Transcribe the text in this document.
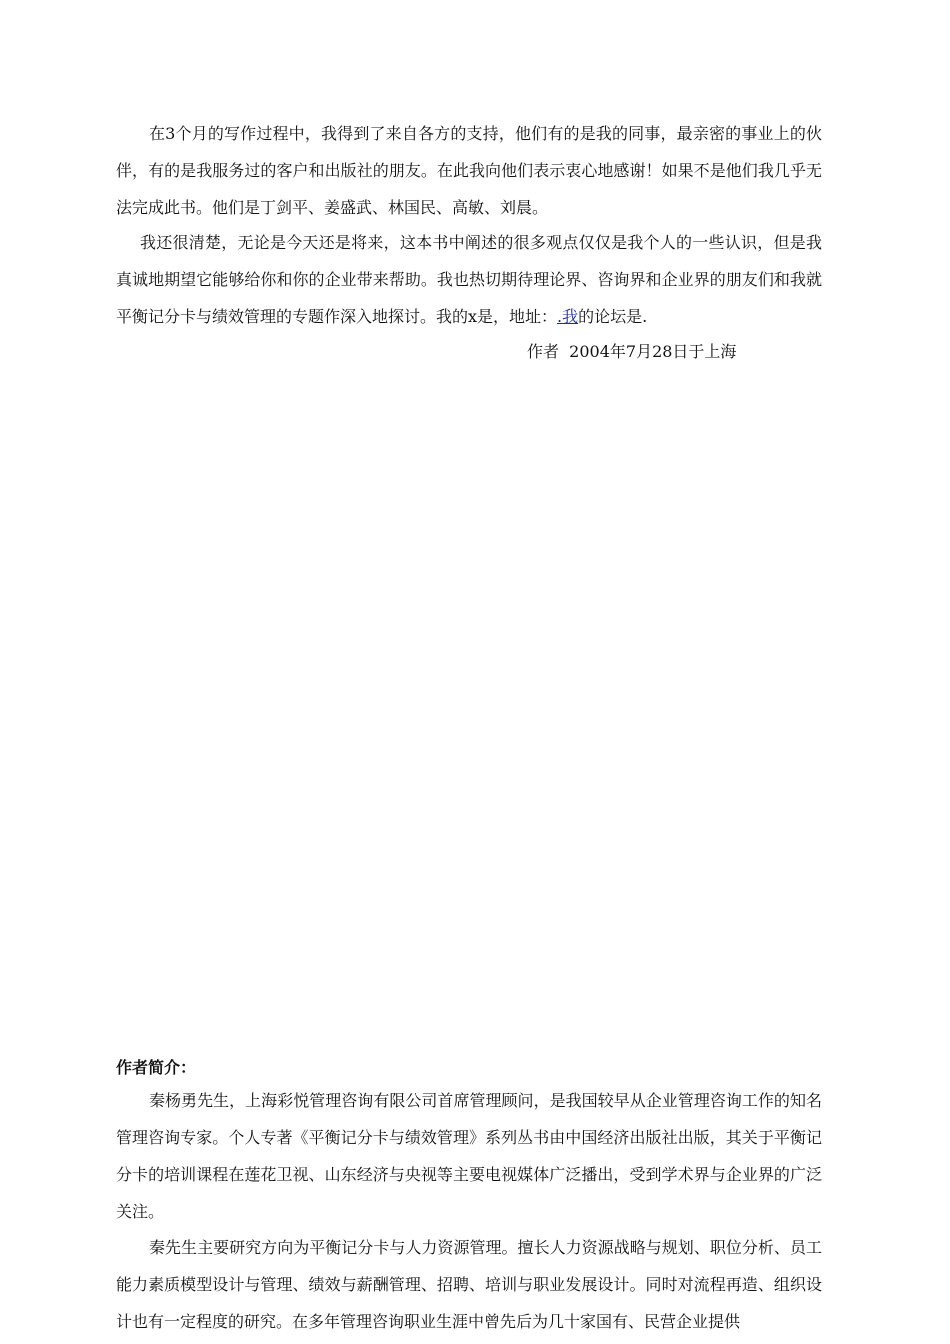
在3个月的写作过程中，我得到了来自各方的支持，他们有的是我的同事，最亲密的事业上的伙伴，有的是我服务过的客户和出版社的朋友。在此我向他们表示衷心地感谢！如果不是他们我几乎无法完成此书。他们是丁剑平、姜盛武、林国民、高敏、刘晨。

我还很清楚，无论是今天还是将来，这本书中阐述的很多观点仅仅是我个人的一些认识，但是我真诚地期望它能够给你和你的企业带来帮助。我也热切期待理论界、咨询界和企业界的朋友们和我就平衡记分卡与绩效管理的专题作深入地探讨。我的x是，地址：.我的论坛是.

作者  2004年7月28日于上海
作者简介：

秦杨勇先生，上海彩悦管理咨询有限公司首席管理顾问，是我国较早从企业管理咨询工作的知名管理咨询专家。个人专著《平衡记分卡与绩效管理》系列丛书由中国经济出版社出版，其关于平衡记分卡的培训课程在莲花卫视、山东经济与央视等主要电视媒体广泛播出，受到学术界与企业界的广泛关注。

秦先生主要研究方向为平衡记分卡与人力资源管理。擅长人力资源战略与规划、职位分析、员工能力素质模型设计与管理、绩效与薪酬管理、招聘、培训与职业发展设计。同时对流程再造、组织设计也有一定程度的研究。在多年管理咨询职业生涯中曾先后为几十家国有、民营企业提供
